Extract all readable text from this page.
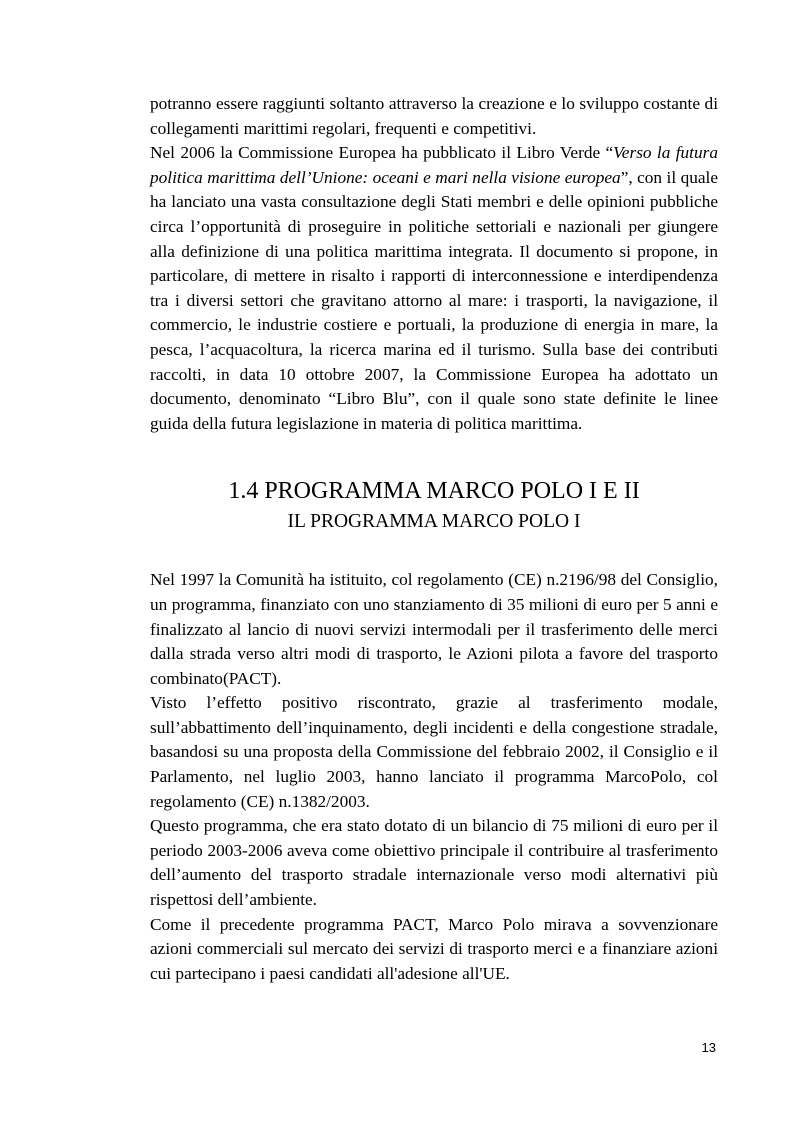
potranno essere raggiunti soltanto attraverso la creazione e lo sviluppo costante di collegamenti marittimi regolari, frequenti e competitivi.

Nel 2006 la Commissione Europea ha pubblicato il Libro Verde “Verso la futura politica marittima dell’Unione: oceani e mari nella visione europea”, con il quale ha lanciato una vasta consultazione degli Stati membri e delle opinioni pubbliche circa l’opportunità di proseguire in politiche settoriali e nazionali per giungere alla definizione di una politica marittima integrata. Il documento si propone, in particolare, di mettere in risalto i rapporti di interconnessione e interdipendenza tra i diversi settori che gravitano attorno al mare: i trasporti, la navigazione, il commercio, le industrie costiere e portuali, la produzione di energia in mare, la pesca, l’acquacoltura, la ricerca marina ed il turismo. Sulla base dei contributi raccolti, in data 10 ottobre 2007, la Commissione Europea ha adottato un documento, denominato “Libro Blu”, con il quale sono state definite le linee guida della futura legislazione in materia di politica marittima.

1.4 PROGRAMMA MARCO POLO I E II
IL PROGRAMMA MARCO POLO I

Nel 1997 la Comunità ha istituito, col regolamento (CE) n.2196/98 del Consiglio, un programma, finanziato con uno stanziamento di 35 milioni di euro per 5 anni e finalizzato al lancio di nuovi servizi intermodali per il trasferimento delle merci dalla strada verso altri modi di trasporto, le Azioni pilota a favore del trasporto combinato(PACT).

Visto l’effetto positivo riscontrato, grazie al trasferimento modale, sull’abbattimento dell’inquinamento, degli incidenti e della congestione stradale, basandosi su una proposta della Commissione del febbraio 2002, il Consiglio e il Parlamento, nel luglio 2003, hanno lanciato il programma MarcoPolo, col regolamento (CE) n.1382/2003.

Questo programma, che era stato dotato di un bilancio di 75 milioni di euro per il periodo 2003-2006 aveva come obiettivo principale il contribuire al trasferimento dell’aumento del trasporto stradale internazionale verso modi alternativi più rispettosi dell’ambiente.

Come il precedente programma PACT, Marco Polo mirava a sovvenzionare azioni commerciali sul mercato dei servizi di trasporto merci e a finanziare azioni cui partecipano i paesi candidati all'adesione all'UE.

13
